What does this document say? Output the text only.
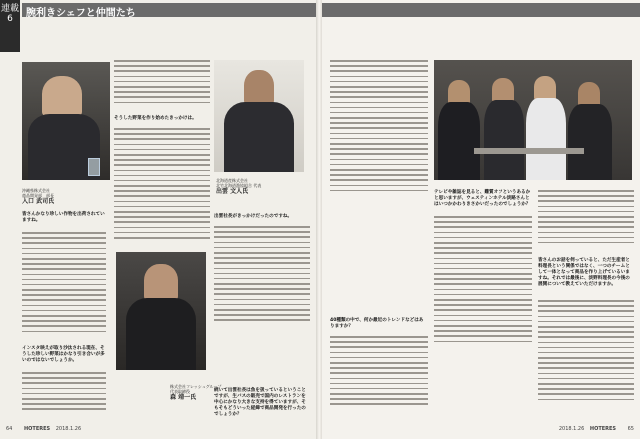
連載
6	腕利きシェフと仲間たち
沖縄県株式会社
商品開発部　部長
入口 武司氏
皆さんかなり珍しい作物を出荷されていますね。
インスタ映えが取り沙汰される現在、そうした珍しい野菜はかなり引き合いが多いのではないでしょうか。
そうした野菜を作り始めたきっかけは。
株式会社フレッシュグループ
代表取締役
森 靖一氏
北海道産株式会社
北竹北海道漁協組合 代表
出雲 文人氏
出雲社長がきっかけだったのですね。
続いて出雲社長は魚を扱っているということですが、生バスの販売で国内のレストランを中心にかなり大きな支持を得ていますが、そもそもどういった経緯で商品開発を行ったのでしょうか？
64 HOTERES 2018.1.26
40種類の中で、何か最近のトレンドなどはありますか？
テレビや雑誌を見ると、難質オフというあるかと思いますが、ウェスティンホテル淡路さんとはいつかかわりきさかいだったのでしょうか？
皆さんのお話を伺っていると、ただ生産者と料理長という関係ではなく、一つのチームとして一体となって商品を作り上げているいますね。それでは最後に、淡野料理長の今後の展開について教えていただけますか。
2018.1.26 HOTERES 65
